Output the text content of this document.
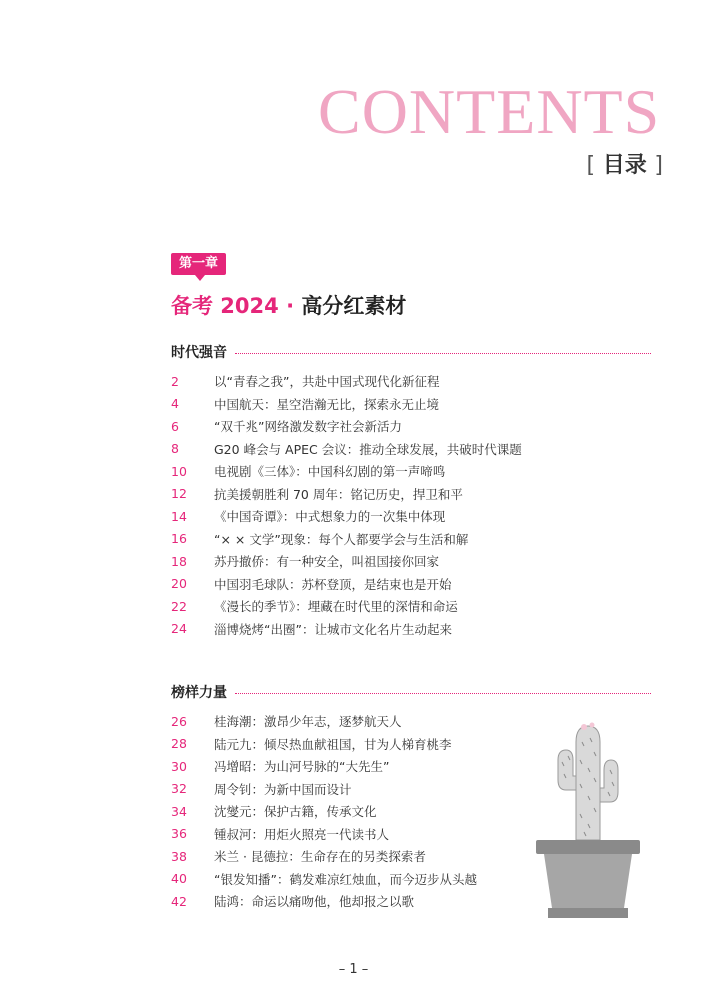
CONTENTS
[ 目录 ]
第一章
备考 2024 · 高分红素材
时代强音
2	以“青春之我”，共赴中国式现代化新征程
4	中国航天：星空浩瀚无比，探索永无止境
6	“双千兆”网络激发数字社会新活力
8	G20 峰会与 APEC 会议：推动全球发展，共破时代课题
10	电视剧《三体》：中国科幻剧的第一声啼鸣
12	抗美援朝胜利 70 周年：铭记历史，捍卫和平
14	《中国奇谭》：中式想象力的一次集中体现
16	“× × 文学”现象：每个人都要学会与生活和解
18	苏丹撤侨：有一种安全，叫祖国接你回家
20	中国羽毛球队：苏杯登顶，是结束也是开始
22	《漫长的季节》：埋藏在时代里的深情和命运
24	淄博烧烤“出圈”：让城市文化名片生动起来
榜样力量
26	桂海潮：激昂少年志，逐梦航天人
28	陆元九：倾尽热血献祖国，甘为人梯育桃李
30	冯增昭：为山河号脉的“大先生”
32	周令钊：为新中国而设计
34	沈燮元：保护古籍，传承文化
36	锺叔河：用炬火照亮一代读书人
38	米兰 · 昆德拉：生命存在的另类探索者
40	“银发知播”：鹤发难凉红烛血，而今迈步从头越
42	陆鸿：命运以痛吻他，他却报之以歌
– 1 –
